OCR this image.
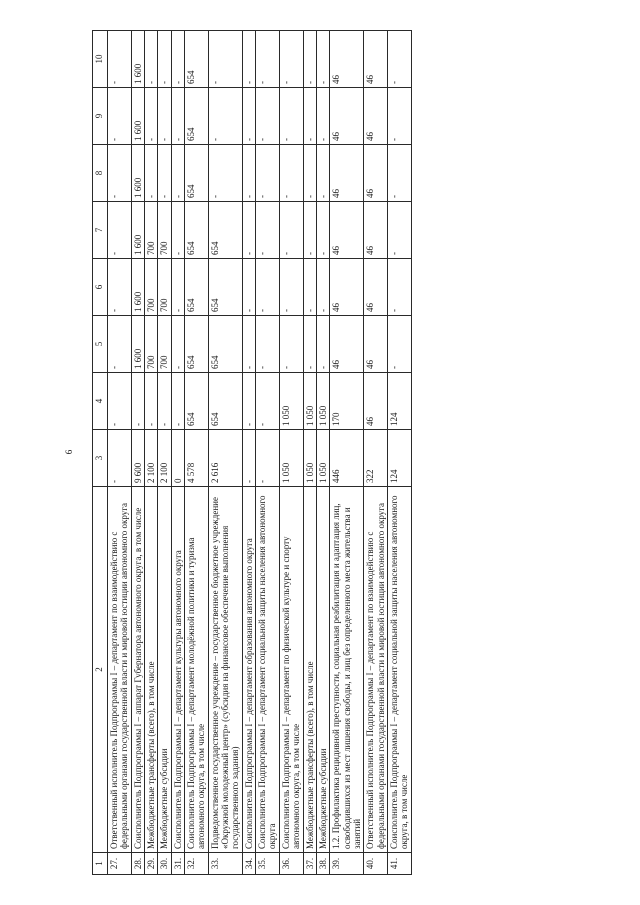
6
1	2	3	4	5	6	7	8	9	10
27.	Ответственный исполнитель Подпрограммы I – департамент по взаимодействию с федеральными органами государственной власти и мировой юстиции автономного округа	-	-	-	-	-	-	-	-
28.	Соисполнитель Подпрограммы I – аппарат Губернатора автономного округа, в том числе	9 600	-	1 600	1 600	1 600	1 600	1 600	1 600
29.	Межбюджетные трансферты (всего), в том числе	2 100	-	700	700	700	-	-	-
30.	Межбюджетные субсидии	2 100	-	700	700	700	-	-	-
31.	Соисполнитель Подпрограммы I – департамент культуры автономного округа	0	-	-	-	-	-	-	-
32.	Соисполнитель Подпрограммы I – департамент молодёжной политики и туризма автономного округа, в том числе	4 578	654	654	654	654	654	654	654
33.	Подведомственное государственное учреждение – государственное бюджетное учреждение «Окружной молодежный центр» (субсидия на финансовое обеспечение выполнения государственного задания)	2 616	654	654	654	654	-	-	-
34.	Соисполнитель Подпрограммы I – департамент образования автономного округа	-	-	-	-	-	-	-	-
35.	Соисполнитель Подпрограммы I – департамент социальной защиты населения автономного округа	-	-	-	-	-	-	-	-
36.	Соисполнитель Подпрограммы I – департамент по физической культуре и спорту автономного округа, в том числе	1 050	1 050	-	-	-	-	-	-
37.	Межбюджетные трансферты (всего), в том числе	1 050	1 050	-	-	-	-	-	-
38.	Межбюджетные субсидии	1 050	1 050	-	-	-	-	-	-
39.	1.2. Профилактика рецидивной преступности, социальная реабилитация и адаптация лиц, освободившихся из мест лишения свободы, и лиц без определенного места жительства и занятий	446	170	46	46	46	46	46	46
40.	Ответственный исполнитель Подпрограммы I – департамент по взаимодействию с федеральными органами государственной власти и мировой юстиции автономного округа	322	46	46	46	46	46	46	46
41.	Соисполнитель Подпрограммы I – департамент социальной защиты населения автономного округа, в том числе	124	124	-	-	-	-	-	-
